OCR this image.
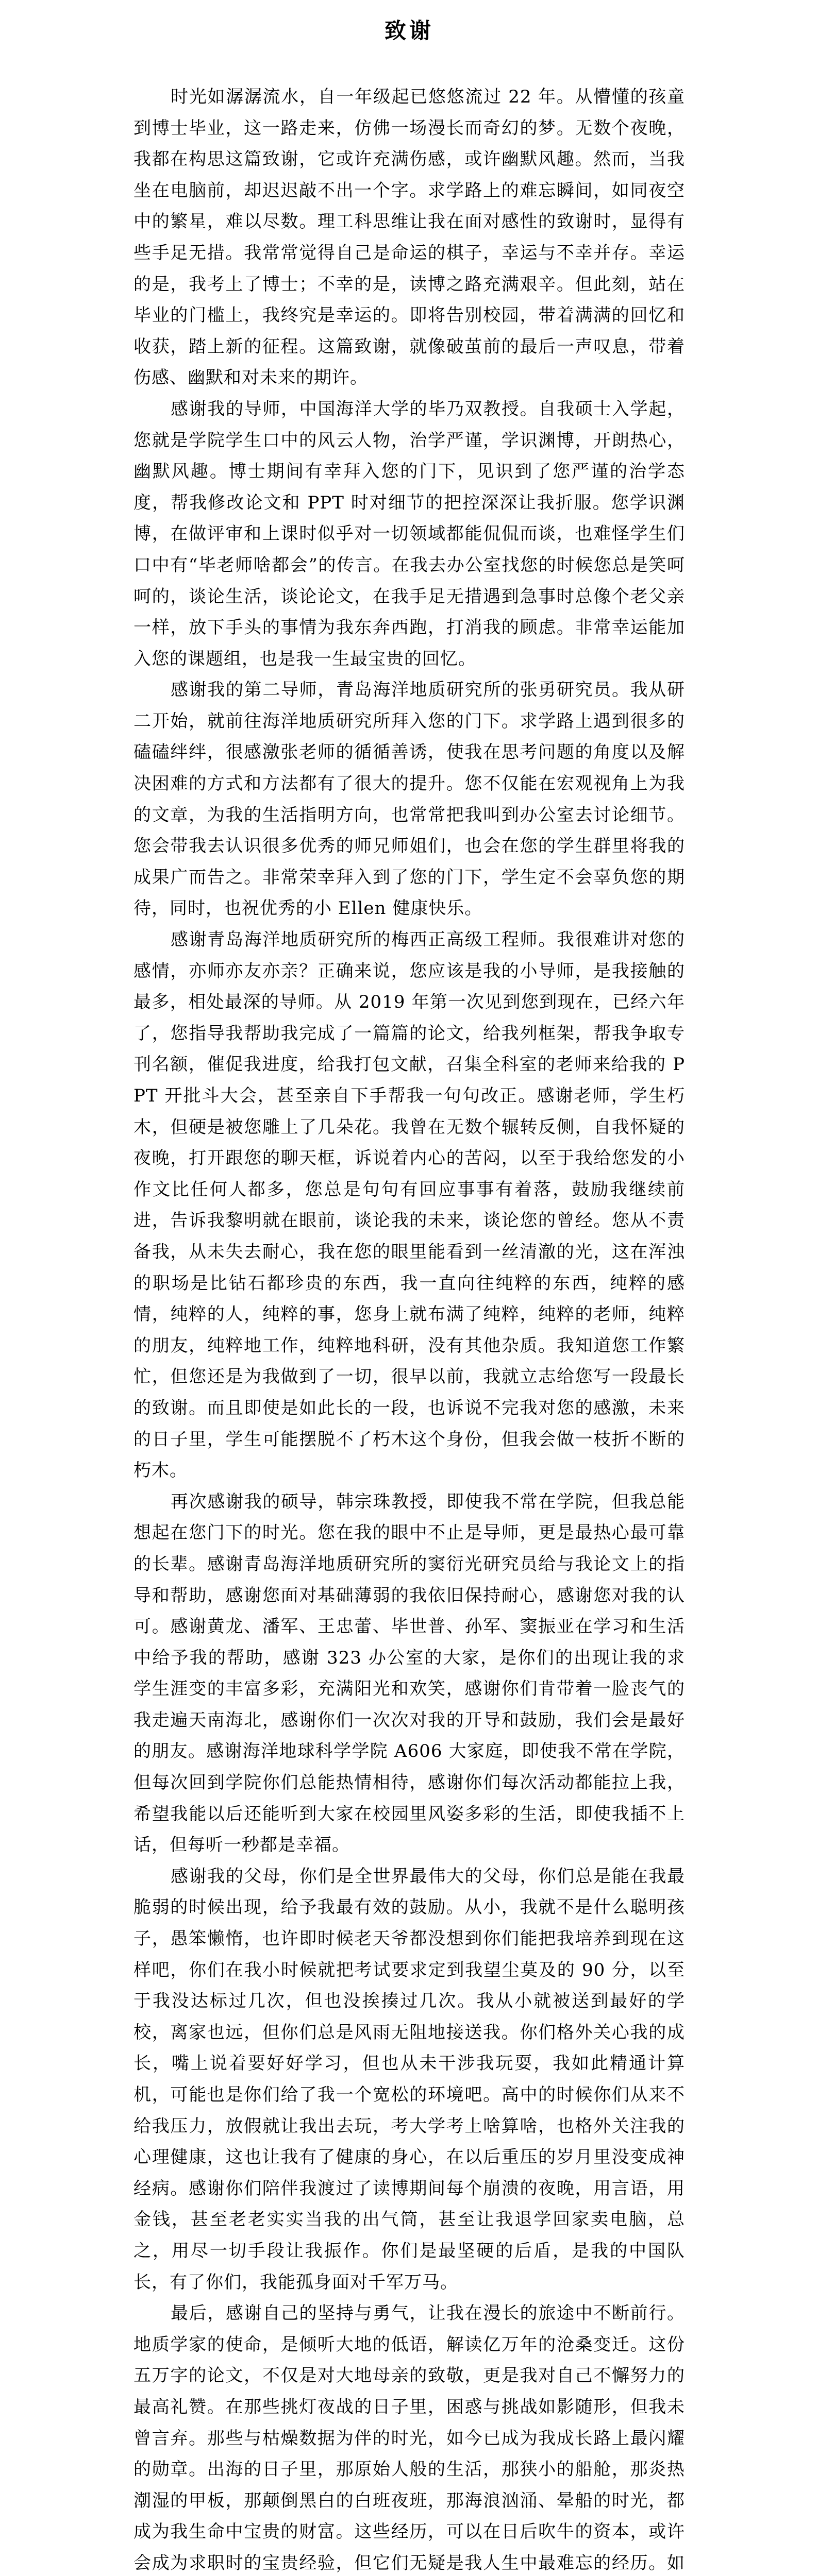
致谢

时光如潺潺流水，自一年级起已悠悠流过 22 年。从懵懂的孩童到博士毕业，这一路走来，仿佛一场漫长而奇幻的梦。无数个夜晚，我都在构思这篇致谢，它或许充满伤感，或许幽默风趣。然而，当我坐在电脑前，却迟迟敲不出一个字。求学路上的难忘瞬间，如同夜空中的繁星，难以尽数。理工科思维让我在面对感性的致谢时，显得有些手足无措。我常常觉得自己是命运的棋子，幸运与不幸并存。幸运的是，我考上了博士；不幸的是，读博之路充满艰辛。但此刻，站在毕业的门槛上，我终究是幸运的。即将告别校园，带着满满的回忆和收获，踏上新的征程。这篇致谢，就像破茧前的最后一声叹息，带着伤感、幽默和对未来的期许。

感谢我的导师，中国海洋大学的毕乃双教授。自我硕士入学起，您就是学院学生口中的风云人物，治学严谨，学识渊博，开朗热心，幽默风趣。博士期间有幸拜入您的门下，见识到了您严谨的治学态度，帮我修改论文和 PPT 时对细节的把控深深让我折服。您学识渊博，在做评审和上课时似乎对一切领域都能侃侃而谈，也难怪学生们口中有“毕老师啥都会”的传言。在我去办公室找您的时候您总是笑呵呵的，谈论生活，谈论论文，在我手足无措遇到急事时总像个老父亲一样，放下手头的事情为我东奔西跑，打消我的顾虑。非常幸运能加入您的课题组，也是我一生最宝贵的回忆。

感谢我的第二导师，青岛海洋地质研究所的张勇研究员。我从研二开始，就前往海洋地质研究所拜入您的门下。求学路上遇到很多的磕磕绊绊，很感激张老师的循循善诱，使我在思考问题的角度以及解决困难的方式和方法都有了很大的提升。您不仅能在宏观视角上为我的文章，为我的生活指明方向，也常常把我叫到办公室去讨论细节。您会带我去认识很多优秀的师兄师姐们，也会在您的学生群里将我的成果广而告之。非常荣幸拜入到了您的门下，学生定不会辜负您的期待，同时，也祝优秀的小 Ellen 健康快乐。

感谢青岛海洋地质研究所的梅西正高级工程师。我很难讲对您的感情，亦师亦友亦亲？正确来说，您应该是我的小导师，是我接触的最多，相处最深的导师。从 2019 年第一次见到您到现在，已经六年了，您指导我帮助我完成了一篇篇的论文，给我列框架，帮我争取专刊名额，催促我进度，给我打包文献，召集全科室的老师来给我的 PPT 开批斗大会，甚至亲自下手帮我一句句改正。感谢老师，学生朽木，但硬是被您雕上了几朵花。我曾在无数个辗转反侧，自我怀疑的夜晚，打开跟您的聊天框，诉说着内心的苦闷，以至于我给您发的小作文比任何人都多，您总是句句有回应事事有着落，鼓励我继续前进，告诉我黎明就在眼前，谈论我的未来，谈论您的曾经。您从不责备我，从未失去耐心，我在您的眼里能看到一丝清澈的光，这在浑浊的职场是比钻石都珍贵的东西，我一直向往纯粹的东西，纯粹的感情，纯粹的人，纯粹的事，您身上就布满了纯粹，纯粹的老师，纯粹的朋友，纯粹地工作，纯粹地科研，没有其他杂质。我知道您工作繁忙，但您还是为我做到了一切，很早以前，我就立志给您写一段最长的致谢。而且即使是如此长的一段，也诉说不完我对您的感激，未来的日子里，学生可能摆脱不了朽木这个身份，但我会做一枝折不断的朽木。

再次感谢我的硕导，韩宗珠教授，即使我不常在学院，但我总能想起在您门下的时光。您在我的眼中不止是导师，更是最热心最可靠的长辈。感谢青岛海洋地质研究所的窦衍光研究员给与我论文上的指导和帮助，感谢您面对基础薄弱的我依旧保持耐心，感谢您对我的认可。感谢黄龙、潘军、王忠蕾、毕世普、孙军、窦振亚在学习和生活中给予我的帮助，感谢 323 办公室的大家，是你们的出现让我的求学生涯变的丰富多彩，充满阳光和欢笑，感谢你们肯带着一脸丧气的我走遍天南海北，感谢你们一次次对我的开导和鼓励，我们会是最好的朋友。感谢海洋地球科学学院 A606 大家庭，即使我不常在学院，但每次回到学院你们总能热情相待，感谢你们每次活动都能拉上我，希望我能以后还能听到大家在校园里风姿多彩的生活，即使我插不上话，但每听一秒都是幸福。

感谢我的父母，你们是全世界最伟大的父母，你们总是能在我最脆弱的时候出现，给予我最有效的鼓励。从小，我就不是什么聪明孩子，愚笨懒惰，也许即时候老天爷都没想到你们能把我培养到现在这样吧，你们在我小时候就把考试要求定到我望尘莫及的 90 分，以至于我没达标过几次，但也没挨揍过几次。我从小就被送到最好的学校，离家也远，但你们总是风雨无阻地接送我。你们格外关心我的成长，嘴上说着要好好学习，但也从未干涉我玩耍，我如此精通计算机，可能也是你们给了我一个宽松的环境吧。高中的时候你们从来不给我压力，放假就让我出去玩，考大学考上啥算啥，也格外关注我的心理健康，这也让我有了健康的身心，在以后重压的岁月里没变成神经病。感谢你们陪伴我渡过了读博期间每个崩溃的夜晚，用言语，用金钱，甚至老老实实当我的出气筒，甚至让我退学回家卖电脑，总之，用尽一切手段让我振作。你们是最坚硬的后盾，是我的中国队长，有了你们，我能孤身面对千军万马。

最后，感谢自己的坚持与勇气，让我在漫长的旅途中不断前行。地质学家的使命，是倾听大地的低语，解读亿万年的沧桑变迁。这份五万字的论文，不仅是对大地母亲的致敬，更是我对自己不懈努力的最高礼赞。在那些挑灯夜战的日子里，困惑与挑战如影随形，但我未曾言弃。那些与枯燥数据为伴的时光，如今已成为我成长路上最闪耀的勋章。出海的日子里，那原始人般的生活，那狭小的船舱，那炎热潮湿的甲板，那颠倒黑白的白班夜班，那海浪汹涌、晕船的时光，都成为我生命中宝贵的财富。这些经历，可以在日后吹牛的资本，或许会成为求职时的宝贵经验，但它们无疑是我人生中最难忘的经历。如
